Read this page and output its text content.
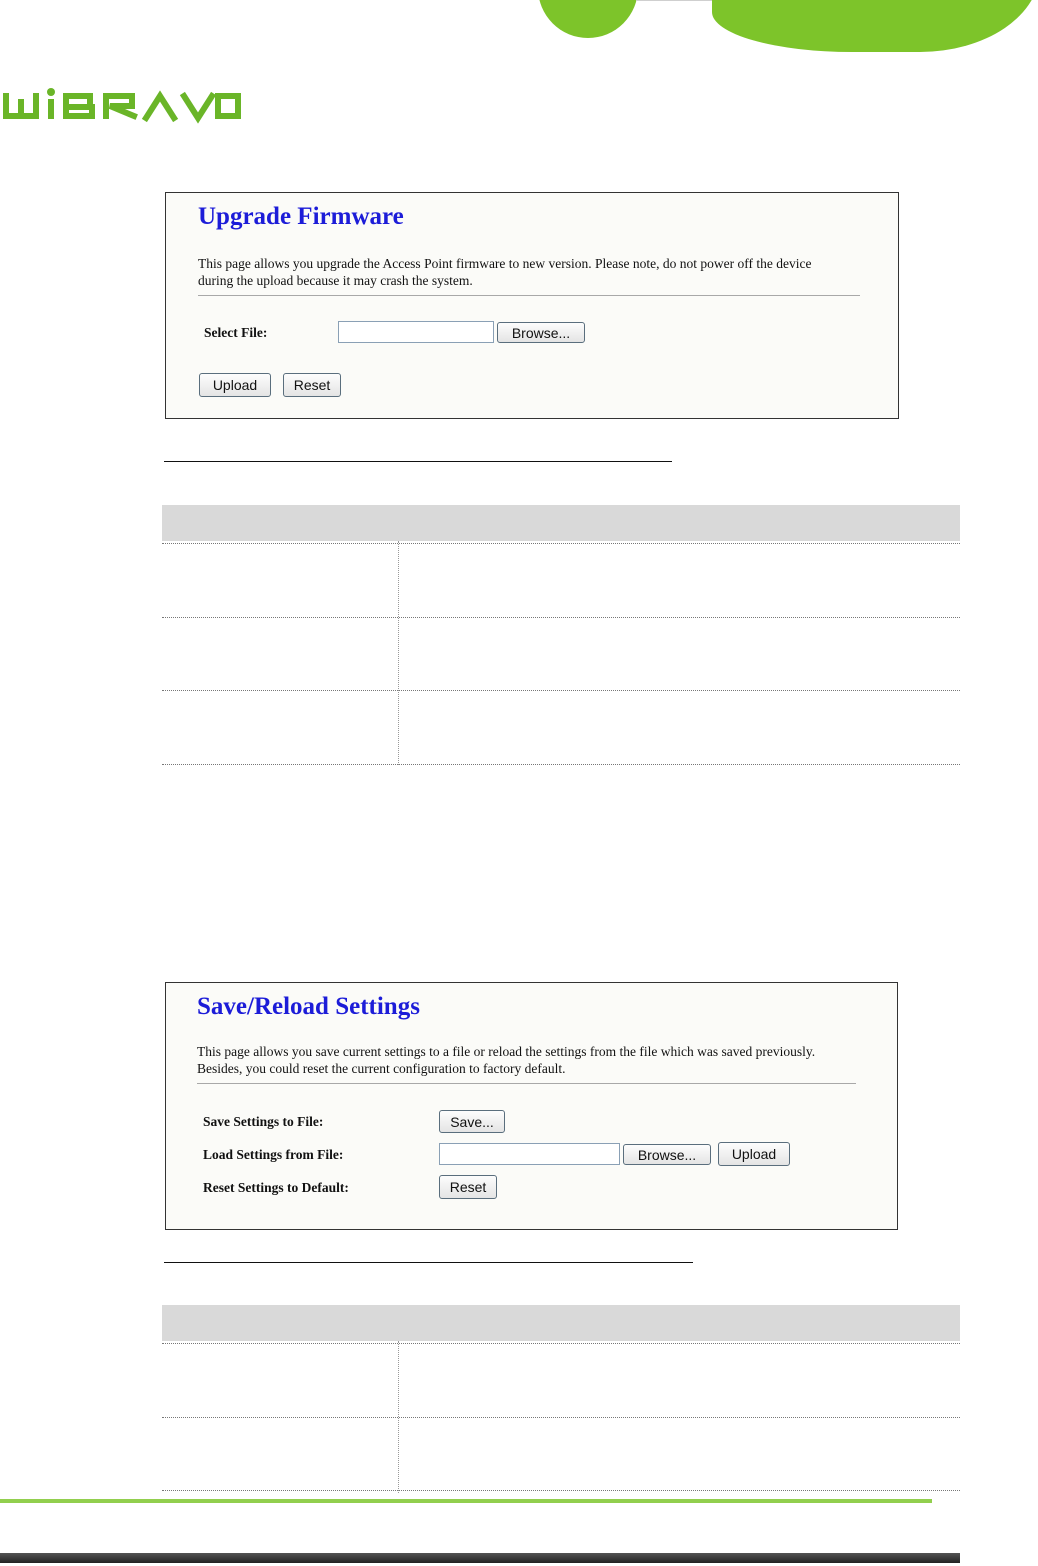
Upgrade Firmware
This page allows you upgrade the Access Point firmware to new version. Please note, do not power off the device during the upload because it may crash the system.
Select File:	Browse...
Upload	Reset
Save/Reload Settings
This page allows you save current settings to a file or reload the settings from the file which was saved previously. Besides, you could reset the current configuration to factory default.
Save Settings to File:	Save...
Load Settings from File:	Browse...	Upload
Reset Settings to Default:	Reset
